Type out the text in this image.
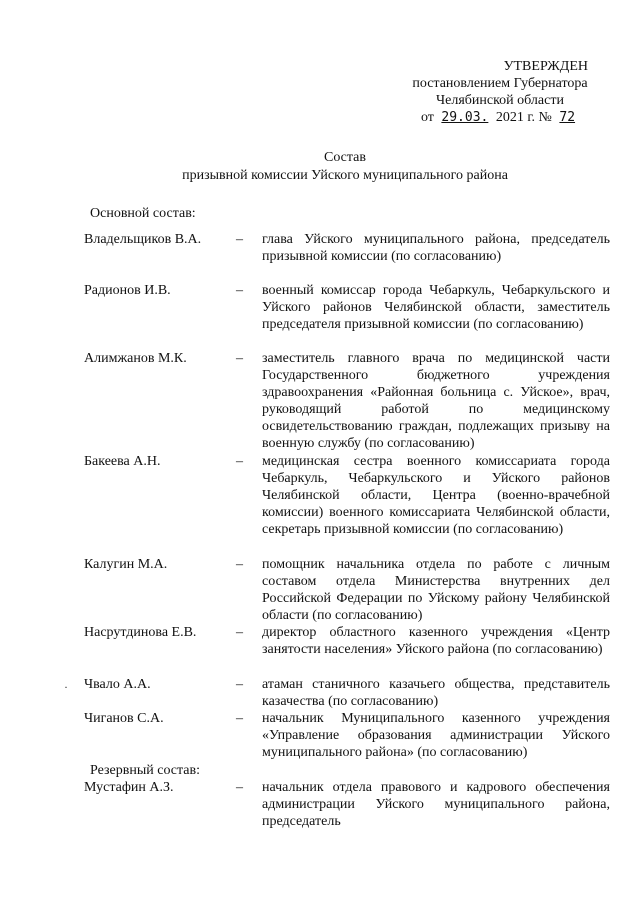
УТВЕРЖДЕН
постановлением Губернатора
Челябинской области
от 29.03. 2021 г. № 72
Состав
призывной комиссии Уйского муниципального района
Основной состав:
Владельщиков В.А.	–	глава Уйского муниципального района, председатель призывной комиссии (по согласованию)
Радионов И.В.	–	военный комиссар города Чебаркуль, Чебаркульского и Уйского районов Челябинской области, заместитель председателя призывной комиссии (по согласованию)
Алимжанов М.К.	–	заместитель главного врача по медицинской части Государственного бюджетного учреждения здравоохранения «Районная больница с. Уйское», врач, руководящий работой по медицинскому освидетельствованию граждан, подлежащих призыву на военную службу (по согласованию)
Бакеева А.Н.	–	медицинская сестра военного комиссариата города Чебаркуль, Чебаркульского и Уйского районов Челябинской области, Центра (военно-врачебной комиссии) военного комиссариата Челябинской области, секретарь призывной комиссии (по согласованию)
Калугин М.А.	–	помощник начальника отдела по работе с личным составом отдела Министерства внутренних дел Российской Федерации по Уйскому району Челябинской области (по согласованию)
Насрутдинова Е.В.	–	директор областного казенного учреждения «Центр занятости населения» Уйского района (по согласованию)
· Чвало А.А.	–	атаман станичного казачьего общества, представитель казачества (по согласованию)
Чиганов С.А.	–	начальник Муниципального казенного учреждения «Управление образования администрации Уйского муниципального района» (по согласованию)
Резервный состав:
Мустафин А.З.	–	начальник отдела правового и кадрового обеспечения администрации Уйского муниципального района, председатель
